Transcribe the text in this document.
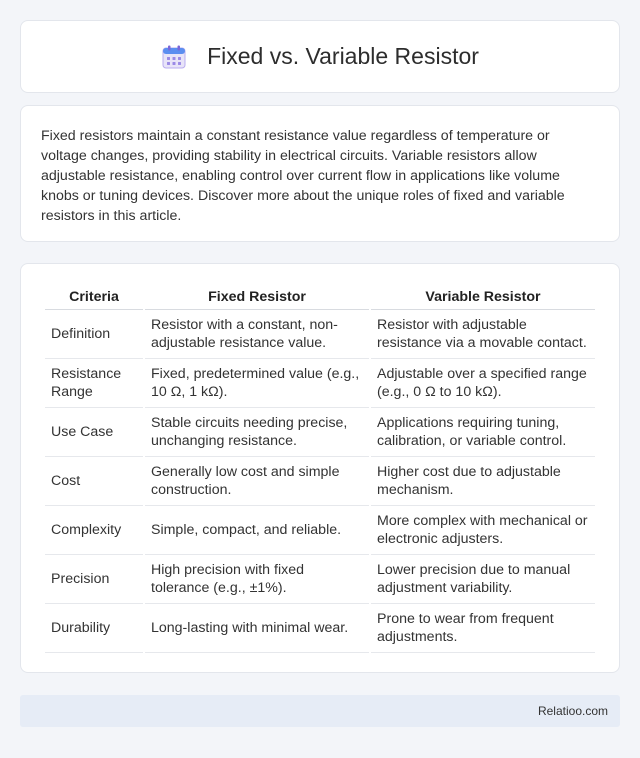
Fixed vs. Variable Resistor

Fixed resistors maintain a constant resistance value regardless of temperature or voltage changes, providing stability in electrical circuits. Variable resistors allow adjustable resistance, enabling control over current flow in applications like volume knobs or tuning devices. Discover more about the unique roles of fixed and variable resistors in this article.

Criteria	Fixed Resistor	Variable Resistor
Definition	Resistor with a constant, non-adjustable resistance value.	Resistor with adjustable resistance via a movable contact.
Resistance Range	Fixed, predetermined value (e.g., 10 Ω, 1 kΩ).	Adjustable over a specified range (e.g., 0 Ω to 10 kΩ).
Use Case	Stable circuits needing precise, unchanging resistance.	Applications requiring tuning, calibration, or variable control.
Cost	Generally low cost and simple construction.	Higher cost due to adjustable mechanism.
Complexity	Simple, compact, and reliable.	More complex with mechanical or electronic adjusters.
Precision	High precision with fixed tolerance (e.g., ±1%).	Lower precision due to manual adjustment variability.
Durability	Long-lasting with minimal wear.	Prone to wear from frequent adjustments.
Relatioo.com
